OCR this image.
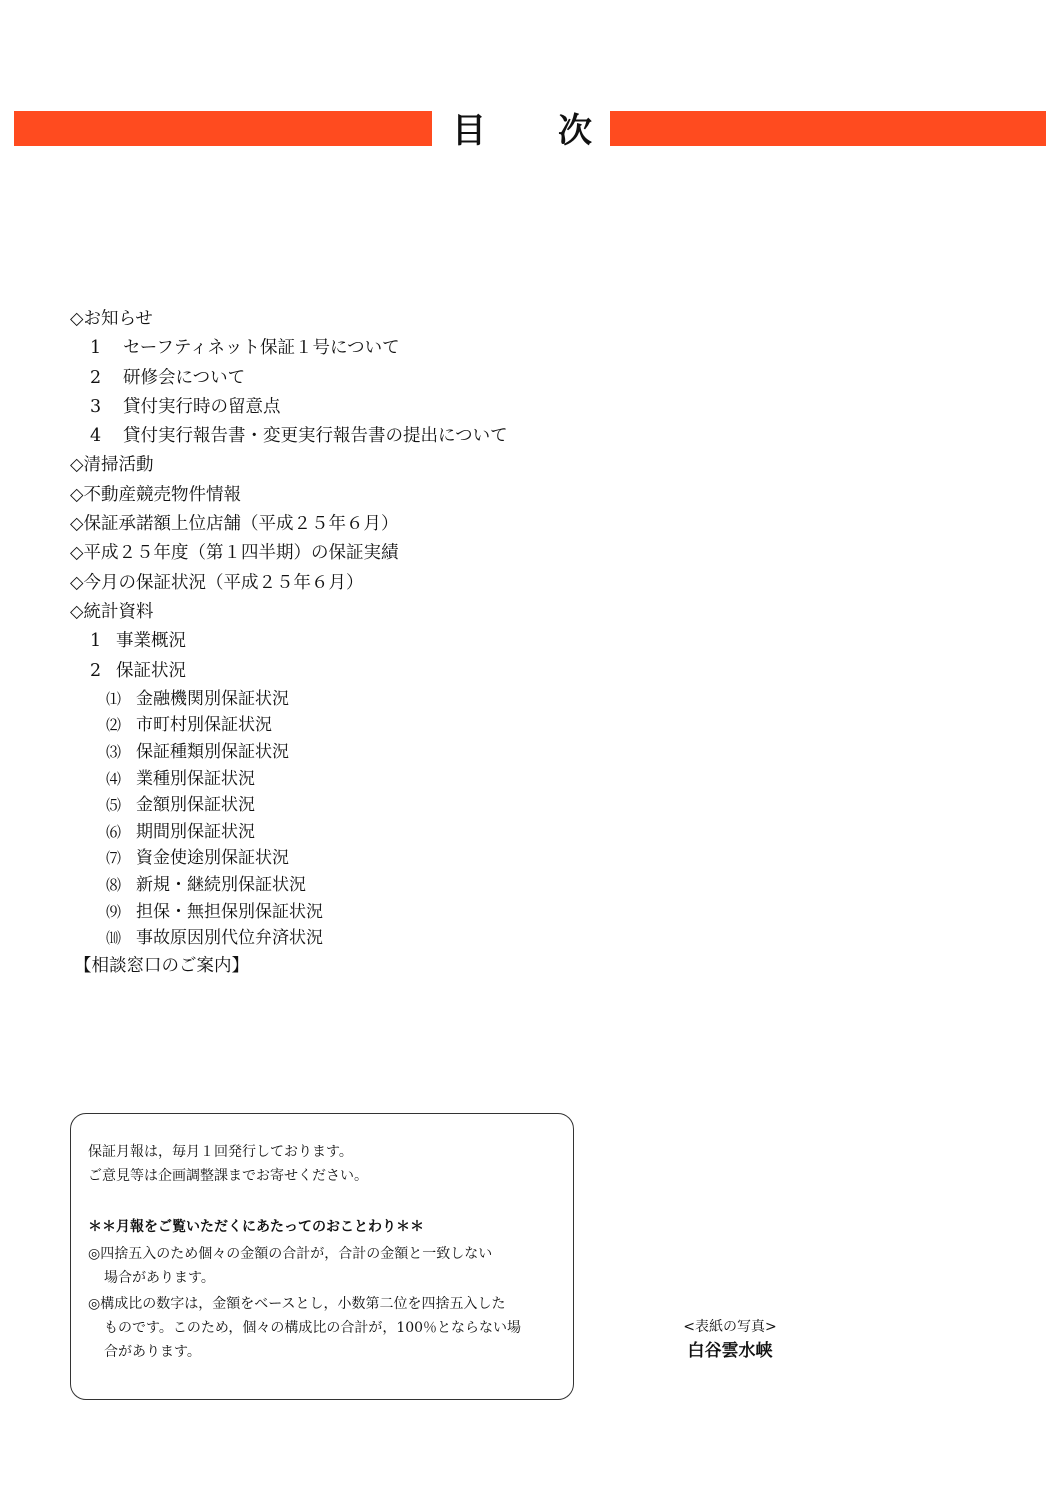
目 次
◇お知らせ
1 セーフティネット保証１号について
2 研修会について
3 貸付実行時の留意点
4 貸付実行報告書・変更実行報告書の提出について
◇清掃活動
◇不動産競売物件情報
◇保証承諾額上位店舗（平成２５年６月）
◇平成２５年度（第１四半期）の保証実績
◇今月の保証状況（平成２５年６月）
◇統計資料
1 事業概況
2 保証状況
⑴ 金融機関別保証状況
⑵ 市町村別保証状況
⑶ 保証種類別保証状況
⑷ 業種別保証状況
⑸ 金額別保証状況
⑹ 期間別保証状況
⑺ 資金使途別保証状況
⑻ 新規・継続別保証状況
⑼ 担保・無担保別保証状況
⑽ 事故原因別代位弁済状況
【相談窓口のご案内】
保証月報は，毎月１回発行しております。
ご意見等は企画調整課までお寄せください。
＊＊月報をご覧いただくにあたってのおことわり＊＊
◎四捨五入のため個々の金額の合計が，合計の金額と一致しない
場合があります。
◎構成比の数字は，金額をベースとし，小数第二位を四捨五入した
ものです。このため，個々の構成比の合計が，100％とならない場
合があります。
<表紙の写真>
白谷雲水峡
